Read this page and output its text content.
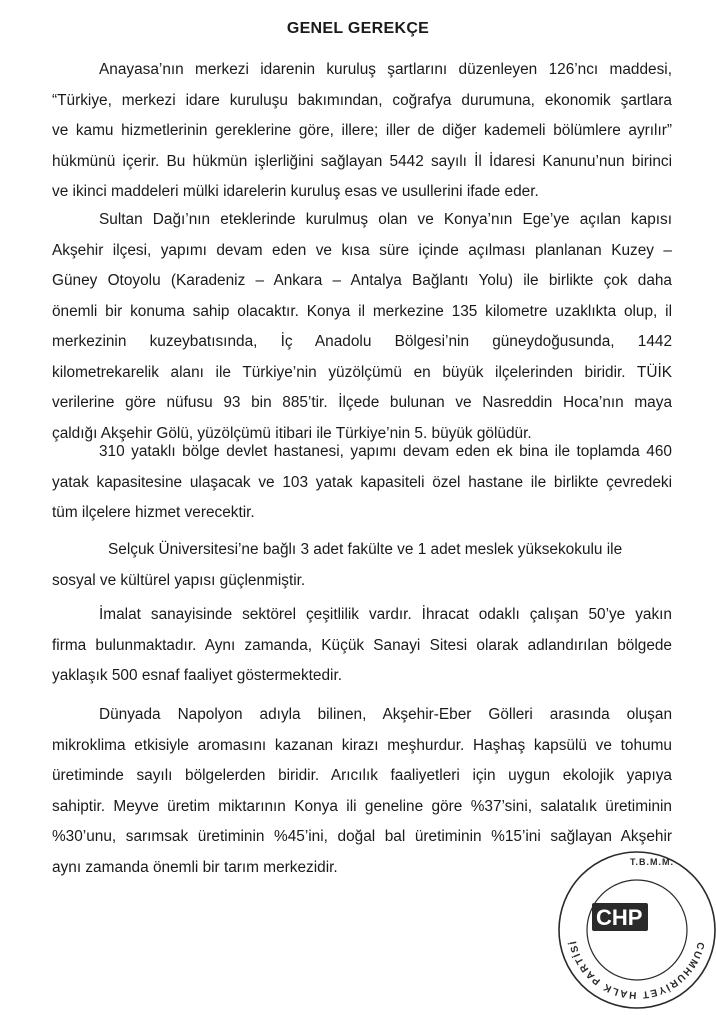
GENEL GEREKÇE
Anayasa’nın merkezi idarenin kuruluş şartlarını düzenleyen 126’ncı maddesi,
“Türkiye, merkezi idare kuruluşu bakımından, coğrafya durumuna, ekonomik şartlara
ve kamu hizmetlerinin gereklerine göre, illere; iller de diğer kademeli bölümlere ayrılır”
hükmünü içerir. Bu hükmün işlerliğini sağlayan 5442 sayılı İl İdaresi Kanunu’nun birinci
ve ikinci maddeleri mülki idarelerin kuruluş esas ve usullerini ifade eder.
Sultan Dağı’nın eteklerinde kurulmuş olan ve Konya’nın Ege’ye açılan kapısı
Akşehir ilçesi, yapımı devam eden ve kısa süre içinde açılması planlanan Kuzey –
Güney Otoyolu (Karadeniz – Ankara – Antalya Bağlantı Yolu) ile birlikte çok daha
önemli bir konuma sahip olacaktır. Konya il merkezine 135 kilometre uzaklıkta olup, il
merkezinin kuzeybatısında, İç Anadolu Bölgesi’nin güneydoğusunda, 1442
kilometrekarelik alanı ile Türkiye’nin yüzölçümü en büyük ilçelerinden biridir. TÜİK
verilerine göre nüfusu 93 bin 885’tir. İlçede bulunan ve Nasreddin Hoca’nın maya
çaldığı Akşehir Gölü, yüzölçümü itibari ile Türkiye’nin 5. büyük gölüdür.
310 yataklı bölge devlet hastanesi, yapımı devam eden ek bina ile toplamda 460
yatak kapasitesine ulaşacak ve 103 yatak kapasiteli özel hastane ile birlikte çevredeki
tüm ilçelere hizmet verecektir.
Selçuk Üniversitesi’ne bağlı 3 adet fakülte ve 1 adet meslek yüksekokulu ile
sosyal ve kültürel yapısı güçlenmiştir.
İmalat sanayisinde sektörel çeşitlilik vardır. İhracat odaklı çalışan 50’ye yakın
firma bulunmaktadır. Aynı zamanda, Küçük Sanayi Sitesi olarak adlandırılan bölgede
yaklaşık 500 esnaf faaliyet göstermektedir.
Dünyada Napolyon adıyla bilinen, Akşehir-Eber Gölleri arasında oluşan
mikroklima etkisiyle aromasını kazanan kirazı meşhurdur. Haşhaş kapsülü ve tohumu
üretiminde sayılı bölgelerden biridir. Arıcılık faaliyetleri için uygun ekolojik yapıya
sahiptir. Meyve üretim miktarının Konya ili geneline göre %37’sini, salatalık üretiminin
%30’unu, sarımsak üretiminin %45’ini, doğal bal üretiminin %15’ini sağlayan Akşehir
aynı zamanda önemli bir tarım merkezidir.
CUMHURİYET HALK PARTİSİ
T.B.M.M.
CHP
